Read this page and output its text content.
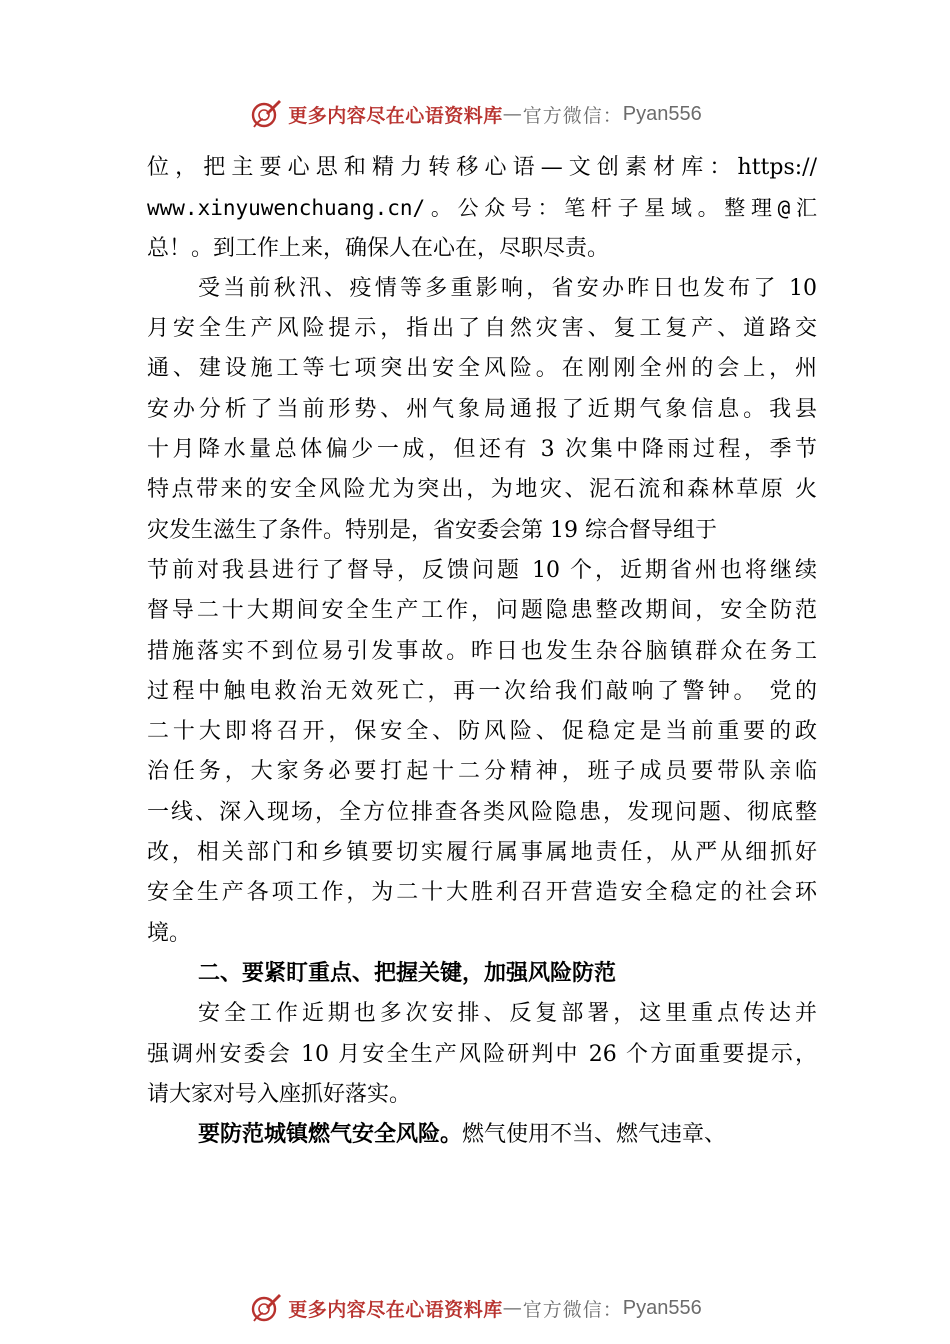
更多内容尽在心语资料库 — 官方微信： Pyan556
位，把主要心思和精力转移心语—文创素材库：https://
www.xinyuwenchuang.cn/。公众号：笔杆子星域。整理@汇
总！。到工作上来，确保人在心在，尽职尽责。
受当前秋汛、疫情等多重影响，省安办昨日也发布了 10
月安全生产风险提示，指出了自然灾害、复工复产、道路交
通、建设施工等七项突出安全风险。在刚刚全州的会上，州
安办分析了当前形势、州气象局通报了近期气象信息。我县
十月降水量总体偏少一成，但还有 3 次集中降雨过程，季节
特点带来的安全风险尤为突出，为地灾、泥石流和森林草原 火
灾发生滋生了条件。特别是，省安委会第 19 综合督导组于
节前对我县进行了督导，反馈问题 10 个，近期省州也将继续
督导二十大期间安全生产工作，问题隐患整改期间，安全防范
措施落实不到位易引发事故。昨日也发生杂谷脑镇群众在务工
过程中触电救治无效死亡，再一次给我们敲响了警钟。 党的
二十大即将召开，保安全、防风险、促稳定是当前重要的政
治任务，大家务必要打起十二分精神，班子成员要带队亲临
一线、深入现场，全方位排查各类风险隐患，发现问题、彻底整
改，相关部门和乡镇要切实履行属事属地责任，从严从细抓好
安全生产各项工作，为二十大胜利召开营造安全稳定的社会环
境。
二、要紧盯重点、把握关键，加强风险防范
安全工作近期也多次安排、反复部署，这里重点传达并
强调州安委会 10 月安全生产风险研判中 26 个方面重要提示，
请大家对号入座抓好落实。
要防范城镇燃气安全风险。燃气使用不当、燃气违章、
更多内容尽在心语资料库 — 官方微信： Pyan556
